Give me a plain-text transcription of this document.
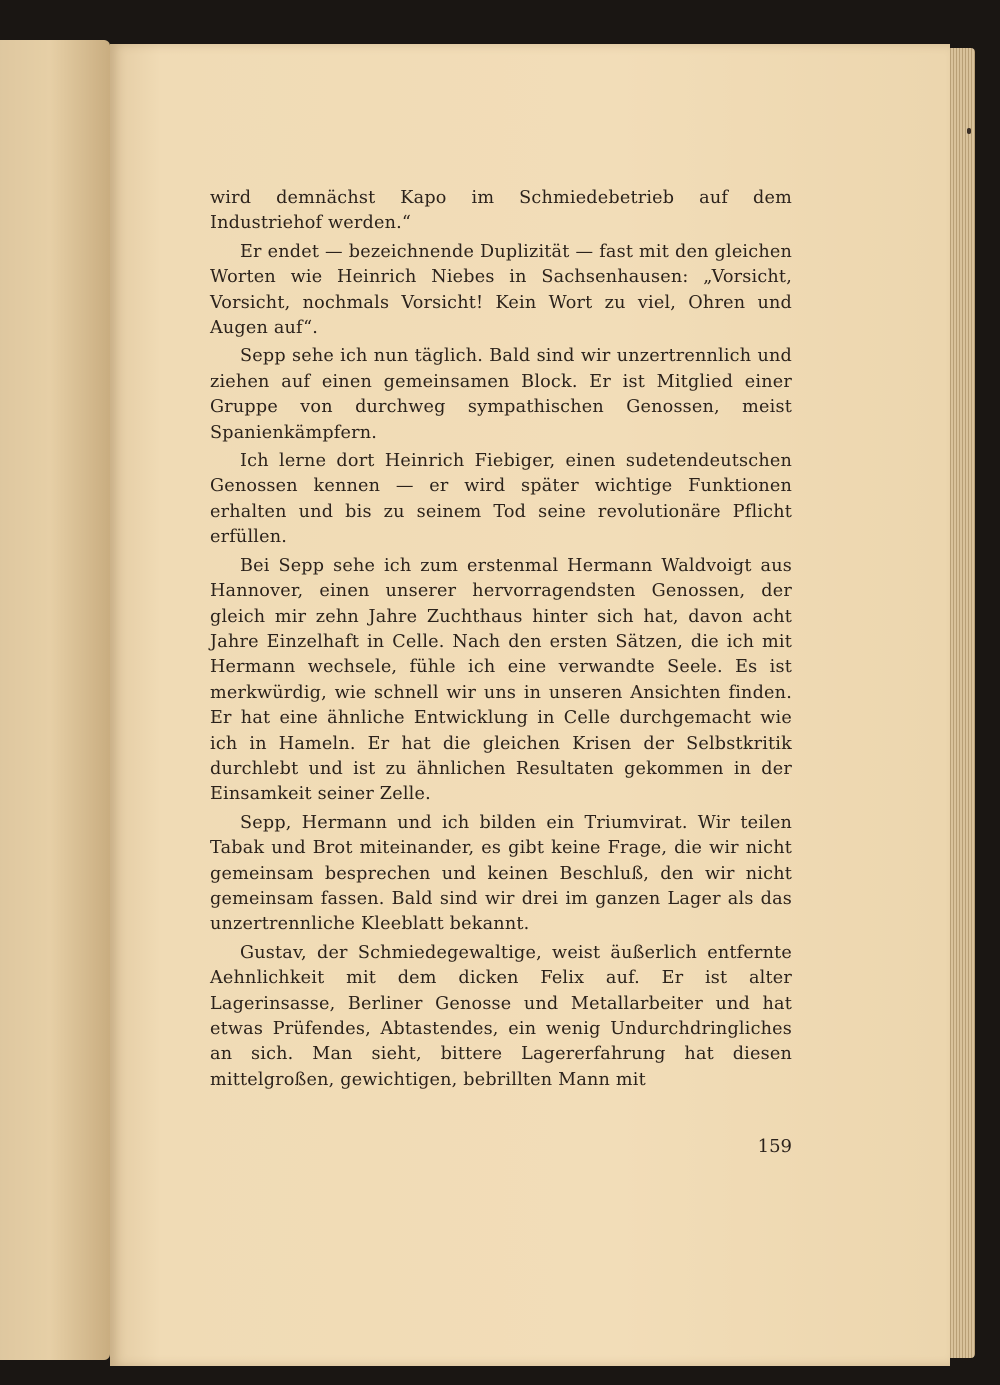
wird demnächst Kapo im Schmiedebetrieb auf dem Industriehof werden.“

Er endet — bezeichnende Duplizität — fast mit den gleichen Worten wie Heinrich Niebes in Sachsenhausen: „Vorsicht, Vorsicht, nochmals Vorsicht! Kein Wort zu viel, Ohren und Augen auf“.

Sepp sehe ich nun täglich. Bald sind wir unzertrennlich und ziehen auf einen gemeinsamen Block. Er ist Mitglied einer Gruppe von durchweg sympathischen Genossen, meist Spanienkämpfern.

Ich lerne dort Heinrich Fiebiger, einen sudetendeutschen Genossen kennen — er wird später wichtige Funktionen erhalten und bis zu seinem Tod seine revolutionäre Pflicht erfüllen.

Bei Sepp sehe ich zum erstenmal Hermann Waldvoigt aus Hannover, einen unserer hervorragendsten Genossen, der gleich mir zehn Jahre Zuchthaus hinter sich hat, davon acht Jahre Einzelhaft in Celle. Nach den ersten Sätzen, die ich mit Hermann wechsele, fühle ich eine verwandte Seele. Es ist merkwürdig, wie schnell wir uns in unseren Ansichten finden. Er hat eine ähnliche Entwicklung in Celle durchgemacht wie ich in Hameln. Er hat die gleichen Krisen der Selbstkritik durchlebt und ist zu ähnlichen Resultaten gekommen in der Einsamkeit seiner Zelle.

Sepp, Hermann und ich bilden ein Triumvirat. Wir teilen Tabak und Brot miteinander, es gibt keine Frage, die wir nicht gemeinsam besprechen und keinen Beschluß, den wir nicht gemeinsam fassen. Bald sind wir drei im ganzen Lager als das unzertrennliche Kleeblatt bekannt.

Gustav, der Schmiedegewaltige, weist äußerlich entfernte Aehnlichkeit mit dem dicken Felix auf. Er ist alter Lagerinsasse, Berliner Genosse und Metallarbeiter und hat etwas Prüfendes, Abtastendes, ein wenig Undurchdringliches an sich. Man sieht, bittere Lagererfahrung hat diesen mittelgroßen, gewichtigen, bebrillten Mann mit

159
